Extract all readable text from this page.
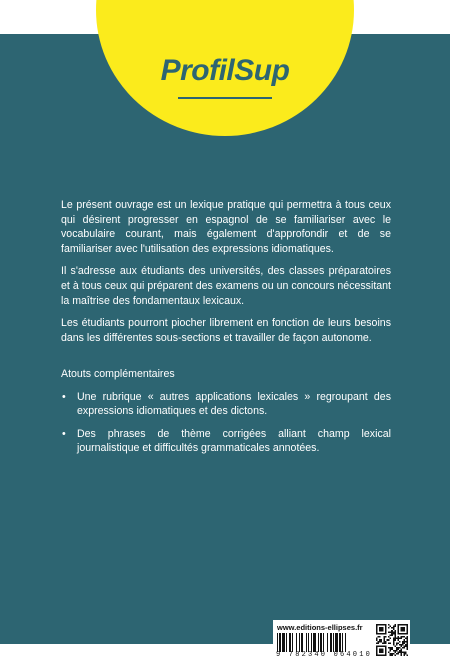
ProfilSup

Le présent ouvrage est un lexique pratique qui permettra à tous ceux qui désirent progresser en espagnol de se familiariser avec le vocabulaire courant, mais également d'approfondir et de se familiariser avec l'utilisation des expressions idiomatiques.

Il s'adresse aux étudiants des universités, des classes préparatoires et à tous ceux qui préparent des examens ou un concours nécessitant la maîtrise des fondamentaux lexicaux.

Les étudiants pourront piocher librement en fonction de leurs besoins dans les différentes sous-sections et travailler de façon autonome.

Atouts complémentaires
• Une rubrique « autres applications lexicales » regroupant des expressions idiomatiques et des dictons.
• Des phrases de thème corrigées alliant champ lexical journalistique et difficultés grammaticales annotées.
www.editions-ellipses.fr
9 782340 064010
